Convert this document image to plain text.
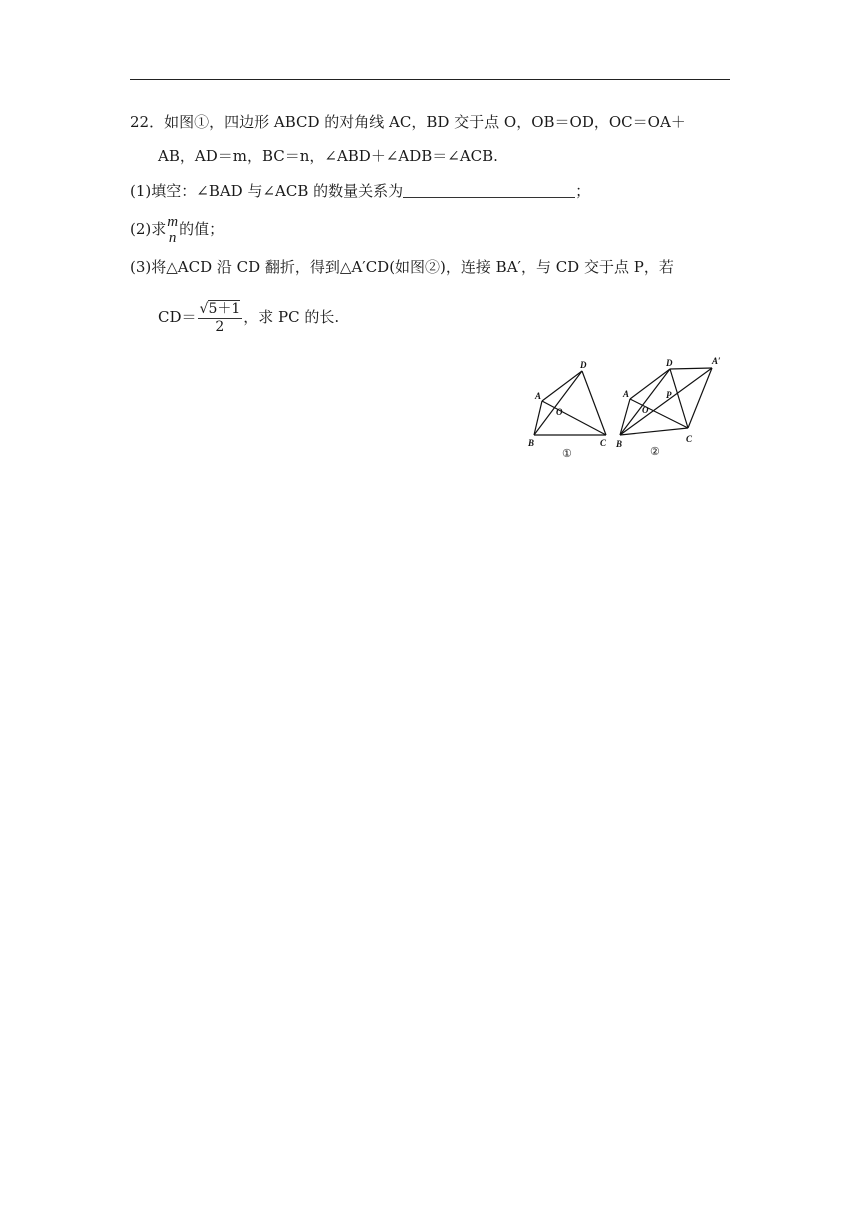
22．如图①，四边形 ABCD 的对角线 AC，BD 交于点 O，OB＝OD，OC＝OA＋
AB，AD＝m，BC＝n，∠ABD＋∠ADB＝∠ACB.
(1)填空：∠BAD 与∠ACB 的数量关系为	；
(2)求 m
n 的值；
(3)将△ACD 沿 CD 翻折，得到△A′CD(如图②)，连接 BA′，与 CD 交于点 P，若
$CD= \frac{√5+1}{2}$ ，求 PC 的长.
D
A
O
B	C
①
D	A′
A	P
O
B	C
②
